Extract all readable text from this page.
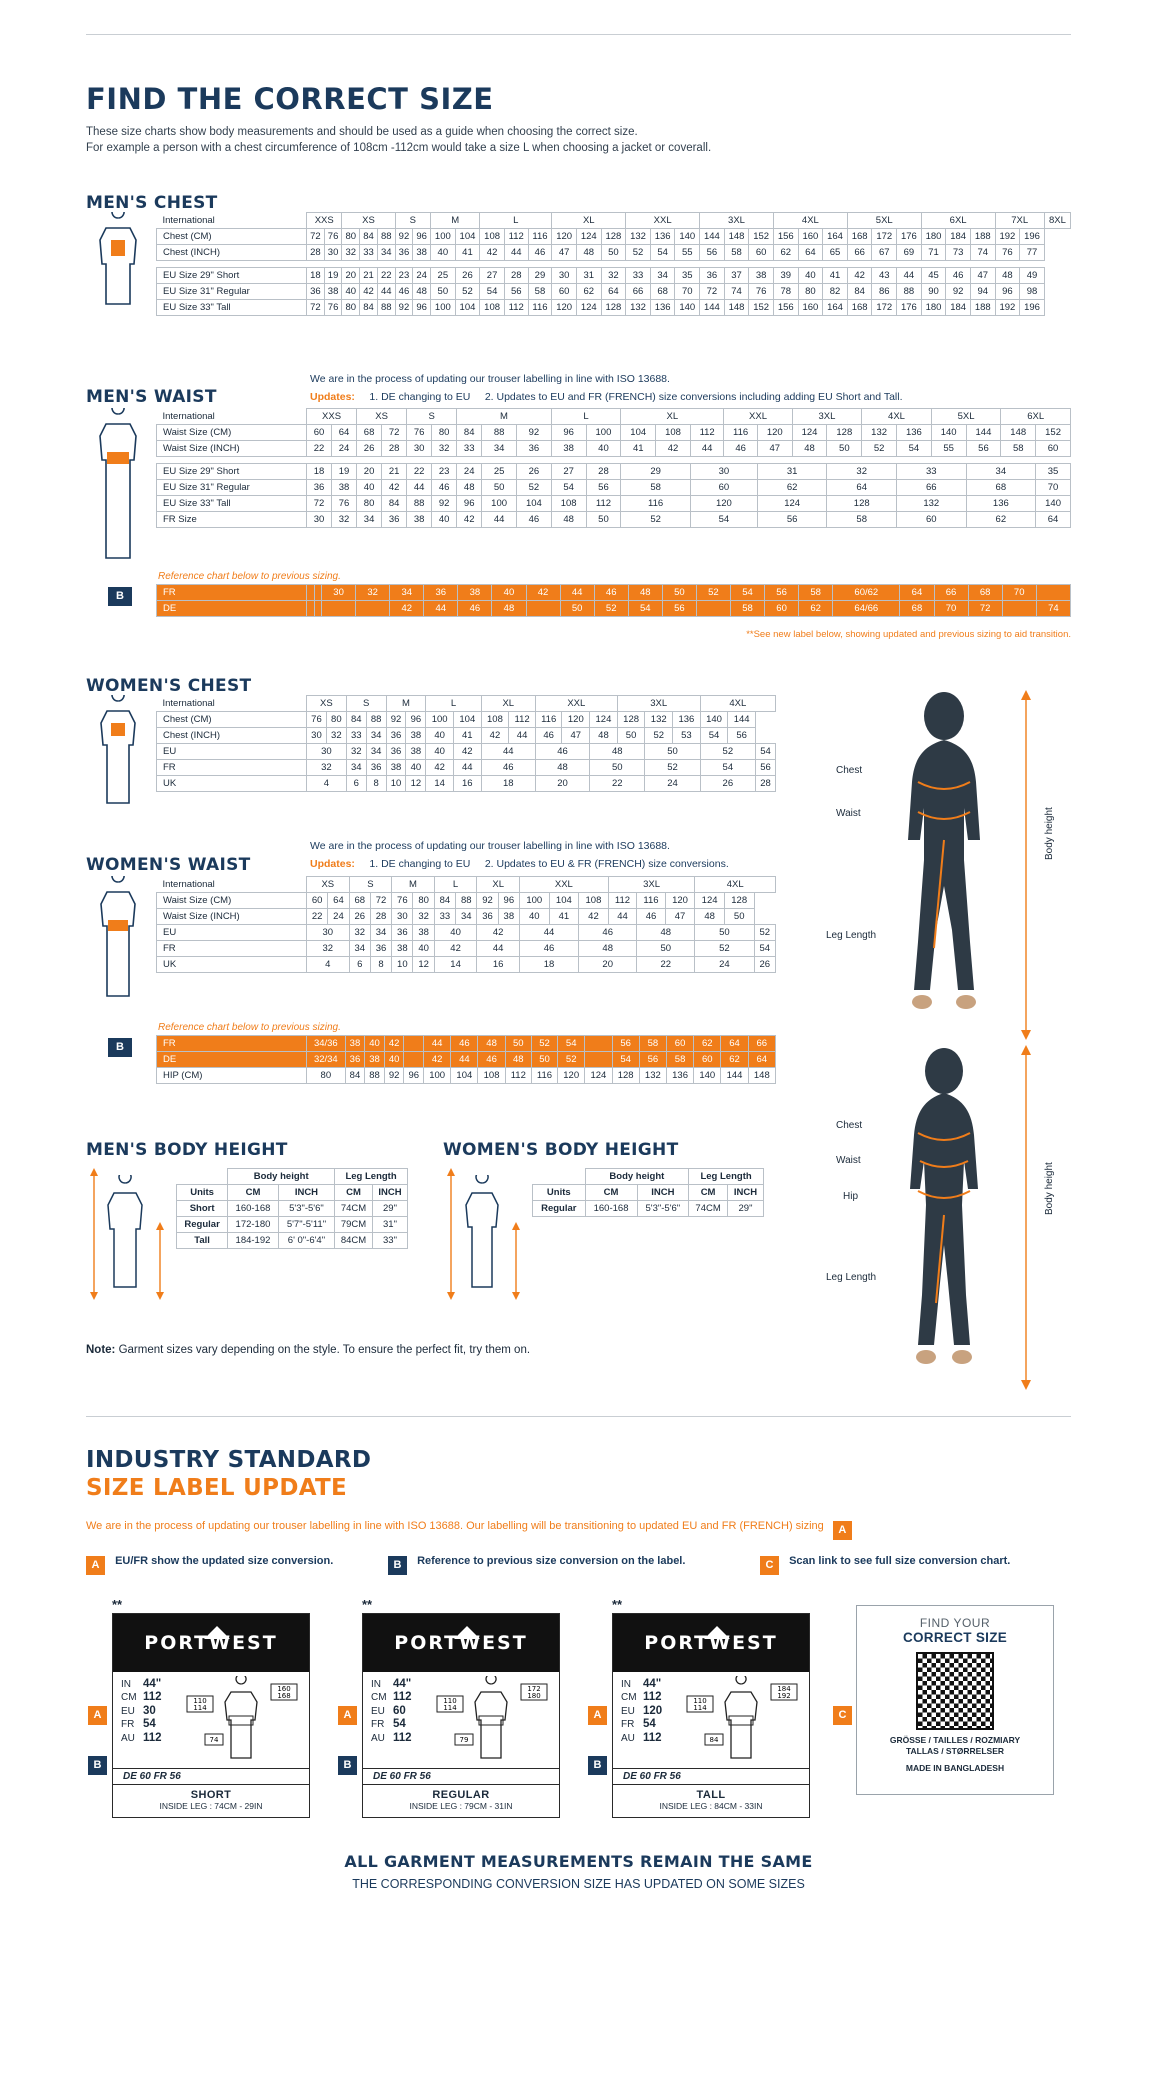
FIND THE CORRECT SIZE
These size charts show body measurements and should be used as a guide when choosing the correct size.
For example a person with a chest circumference of 108cm -112cm would take a size L when choosing a jacket or coverall.
MEN'S CHEST
International	XXS		XS			S		M		L			XL			XXL			3XL			4XL			5XL			6XL			7XL		8XL
Chest (CM)	72	76	80	84	88	92	96	100	104	108	112	116	120	124	128	132	136	140	144	148	152	156	160	164	168	172	176	180	184	188	192	196	
Chest (INCH)	28	30	32	33	34	36	38	40	41	42	44	46	47	48	50	52	54	55	56	58	60	62	64	65	66	67	69	71	73	74	76	77	

EU Size 29" Short	18	19	20	21	22	23	24	25	26	27	28	29	30	31	32	33	34	35	36	37	38	39	40	41	42	43	44	45	46	47	48	49	
EU Size 31" Regular	36	38	40	42	44	46	48	50	52	54	56	58	60	62	64	66	68	70	72	74	76	78	80	82	84	86	88	90	92	94	96	98	
EU Size 33" Tall	72	76	80	84	88	92	96	100	104	108	112	116	120	124	128	132	136	140	144	148	152	156	160	164	168	172	176	180	184	188	192	196	
We are in the process of updating our trouser labelling in line with ISO 13688.
Updates: 1. DE changing to EU 2. Updates to EU and FR (FRENCH) size conversions including adding EU Short and Tall.
MEN'S WAIST
International	XXS		XS		S		M			L		XL			XXL		3XL		4XL		5XL		6XL	
Waist Size (CM)	60	64	68	72	76	80	84	88	92	96	100	104	108	112	116	120	124	128	132	136	140	144	148	152
Waist Size (INCH)	22	24	26	28	30	32	33	34	36	38	40	41	42	44	46	47	48	50	52	54	55	56	58	60

EU Size 29" Short	18	19	20	21	22	23	24	25	26	27	28	29		30		31		32		33		34		35
EU Size 31" Regular	36	38	40	42	44	46	48	50	52	54	56	58		60		62		64		66		68		70
EU Size 33" Tall	72	76	80	84	88	92	96	100	104	108	112	116		120		124		128		132		136		140
FR Size	30	32	34	36	38	40	42	44	46	48	50	52		54		56		58		60		62		64
Reference chart below to previous sizing.
B	FR			30	32	34	36	38	40	42	44	46	48	50	52	54	56	58	60/62	64	66	68	70	
DE					42	44	46	48		50	52	54	56		58	60	62	64/66	68	70	72		74
**See new label below, showing updated and previous sizing to aid transition.
WOMEN'S CHEST
International	XS		S		M		L		XL		XXL			3XL			4XL		
Chest (CM)	76	80	84	88	92	96	100	104	108	112	116	120	124	128	132	136	140	144	
Chest (INCH)	30	32	33	34	36	38	40	41	42	44	46	47	48	50	52	53	54	56	
EU	30		32	34	36	38	40	42	44		46		48		50		52		54
FR	32		34	36	38	40	42	44	46		48		50		52		54		56
UK	4		6	8	10	12	14	16	18		20		22		24		26		28
We are in the process of updating our trouser labelling in line with ISO 13688.
Updates: 1. DE changing to EU 2. Updates to EU & FR (FRENCH) size conversions.
WOMEN'S WAIST
International	XS		S		M		L		XL		XXL			3XL			4XL		
Waist Size (CM)	60	64	68	72	76	80	84	88	92	96	100	104	108	112	116	120	124	128	
Waist Size (INCH)	22	24	26	28	30	32	33	34	36	38	40	41	42	44	46	47	48	50	
EU	30		32	34	36	38	40		42		44		46		48		50		52
FR	32		34	36	38	40	42		44		46		48		50		52		54
UK	4		6	8	10	12	14		16		18		20		22		24		26
Reference chart below to previous sizing.
B	FR	34/36	38	40	42		44	46	48	50	52	54		56	58	60	62	64	66
DE	32/34	36	38	40		42	44	46	48	50	52		54	56	58	60	62	64
HIP (CM)	80	84	88	92	96	100	104	108	112	116	120	124	128	132	136	140	144	148
MEN'S BODY HEIGHT	WOMEN'S BODY HEIGHT
	Body height		Leg Length	
Units	CM	INCH	CM	INCH
Short	160-168	5'3"-5'6"	74CM	29"
Regular	172-180	5'7"-5'11"	79CM	31"
Tall	184-192	6' 0"-6'4"	84CM	33"
	Body height		Leg Length	
Units	CM	INCH	CM	INCH
Regular	160-168	5'3"-5'6"	74CM	29"
Chest
Waist
Leg Length
Body height
Chest
Waist
Hip
Leg Length
Body height
Note: Garment sizes vary depending on the style. To ensure the perfect fit, try them on.
INDUSTRY STANDARD
SIZE LABEL UPDATE
We are in the process of updating our trouser labelling in line with ISO 13688. Our labelling will be transitioning to updated EU and FR (FRENCH) sizing A
A EU/FR show the updated size conversion.	B Reference to previous size conversion on the label.	C Scan link to see full size conversion chart.
**
PORTWEST
IN 44"
CM 112
EU 30
FR 54
AU 112
110
114
160
168
74
DE 60 FR 56
SHORT
INSIDE LEG : 74CM - 29IN
A
B
**
PORTWEST
IN 44"
CM 112
EU 60
FR 54
AU 112
110
114
172
180
79
DE 60 FR 56
REGULAR
INSIDE LEG : 79CM - 31IN
A
B
**
PORTWEST
IN 44"
CM 112
EU 120
FR 54
AU 112
110
114
184
192
84
DE 60 FR 56
TALL
INSIDE LEG : 84CM - 33IN
A
B
FIND YOUR
CORRECT SIZE
GRÖSSE / TAILLES / ROZMIARY
TALLAS / STØRRELSER
MADE IN BANGLADESH
C
ALL GARMENT MEASUREMENTS REMAIN THE SAME
THE CORRESPONDING CONVERSION SIZE HAS UPDATED ON SOME SIZES
